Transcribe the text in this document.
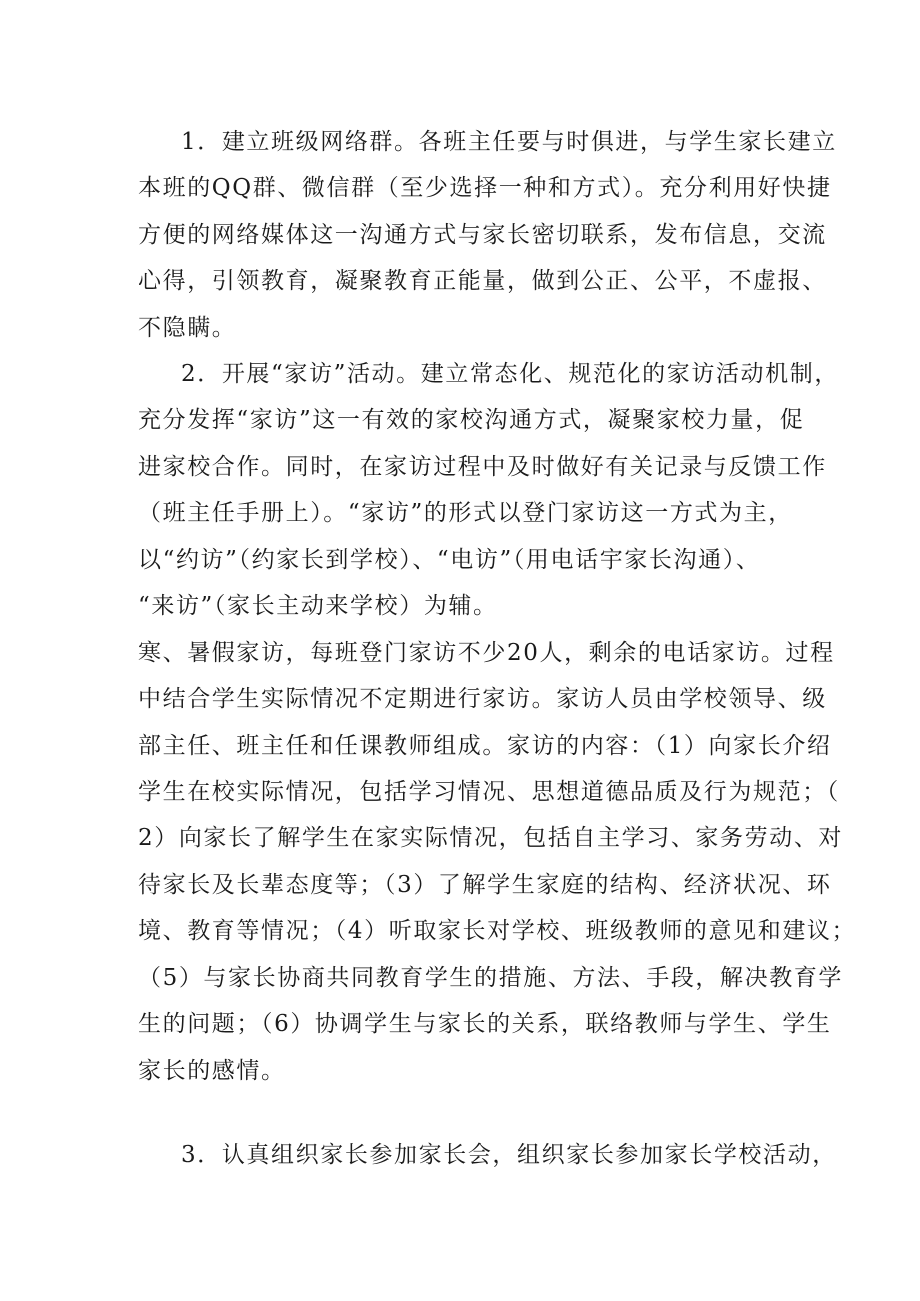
1．建立班级网络群。各班主任要与时俱进，与学生家长建立

本班的QQ群、微信群（至少选择一种和方式）。充分利用好快捷

方便的网络媒体这一沟通方式与家长密切联系，发布信息，交流

心得，引领教育，凝聚教育正能量，做到公正、公平，不虚报、

不隐瞒。

2．开展“家访”活动。建立常态化、规范化的家访活动机制，

充分发挥“家访”这一有效的家校沟通方式，凝聚家校力量，促

进家校合作。同时，在家访过程中及时做好有关记录与反馈工作

（班主任手册上）。“家访”的形式以登门家访这一方式为主，

以“约访”（约家长到学校）、“电访”（用电话宇家长沟通）、

“来访”（家长主动来学校）为辅。

寒、暑假家访，每班登门家访不少20人，剩余的电话家访。过程

中结合学生实际情况不定期进行家访。家访人员由学校领导、级

部主任、班主任和任课教师组成。家访的内容：（1）向家长介绍

学生在校实际情况，包括学习情况、思想道德品质及行为规范；（

2）向家长了解学生在家实际情况，包括自主学习、家务劳动、对

待家长及长辈态度等；（3）了解学生家庭的结构、经济状况、环

境、教育等情况；（4）听取家长对学校、班级教师的意见和建议；

（5）与家长协商共同教育学生的措施、方法、手段，解决教育学

生的问题；（6）协调学生与家长的关系，联络教师与学生、学生

家长的感情。

3．认真组织家长参加家长会，组织家长参加家长学校活动，
